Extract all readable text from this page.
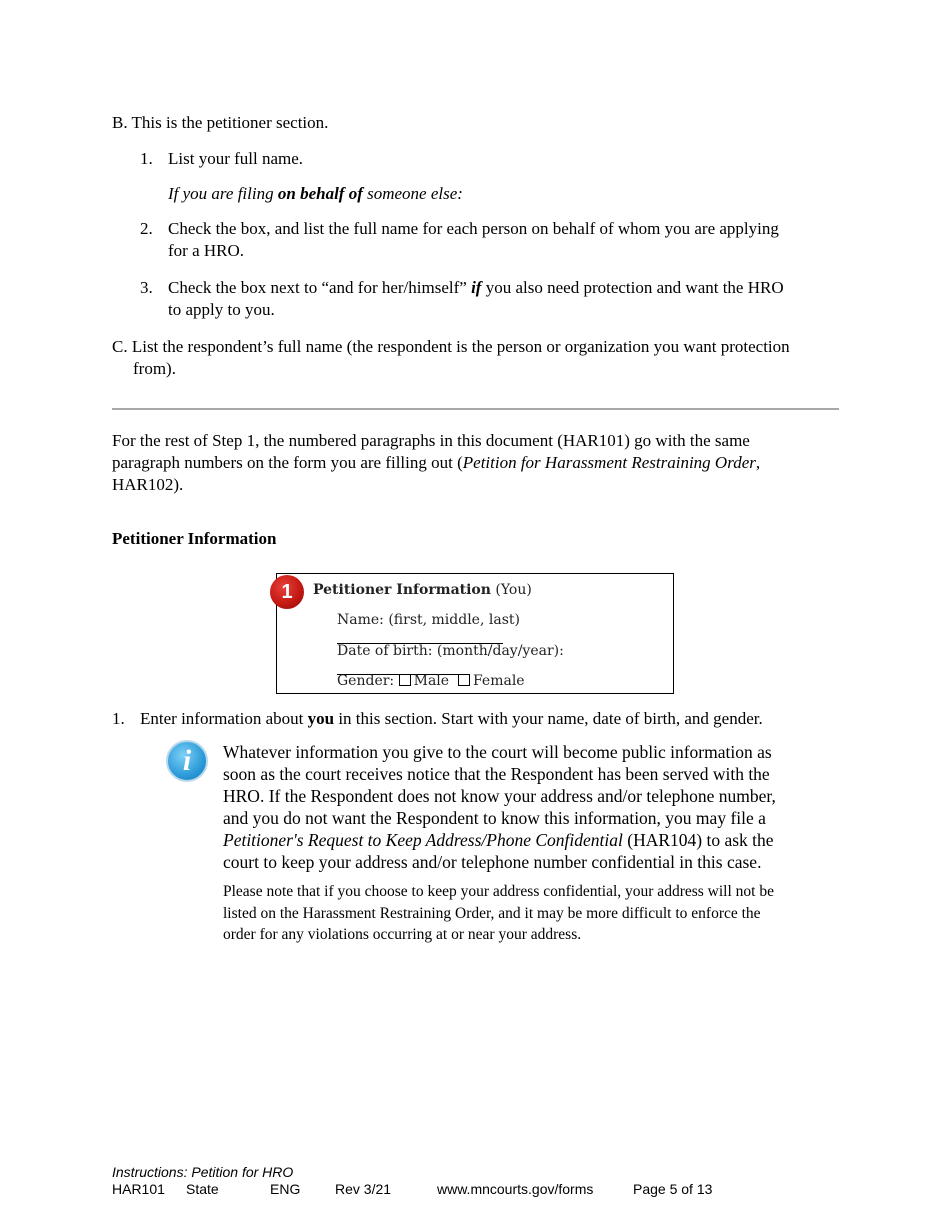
B. This is the petitioner section.

1. List your full name.

If you are filing on behalf of someone else:

2. Check the box, and list the full name for each person on behalf of whom you are applying
for a HRO.

3. Check the box next to “and for her/himself” if you also need protection and want the HRO
to apply to you.

C. List the respondent’s full name (the respondent is the person or organization you want protection
from).

For the rest of Step 1, the numbered paragraphs in this document (HAR101) go with the same
paragraph numbers on the form you are filling out (Petition for Harassment Restraining Order,
HAR102).

Petitioner Information

Petitioner Information (You)
Name: (first, middle, last)
Date of birth: (month/day/year):
Gender: Male Female
1
1. Enter information about you in this section. Start with your name, date of birth, and gender.

i	Whatever information you give to the court will become public information as
soon as the court receives notice that the Respondent has been served with the
HRO. If the Respondent does not know your address and/or telephone number,
and you do not want the Respondent to know this information, you may file a
Petitioner's Request to Keep Address/Phone Confidential (HAR104) to ask the
court to keep your address and/or telephone number confidential in this case.

Please note that if you choose to keep your address confidential, your address will not be
listed on the Harassment Restraining Order, and it may be more difficult to enforce the
order for any violations occurring at or near your address.

Instructions: Petition for HRO
HAR101 State	ENG Rev 3/21	www.mncourts.gov/forms	Page 5 of 13
